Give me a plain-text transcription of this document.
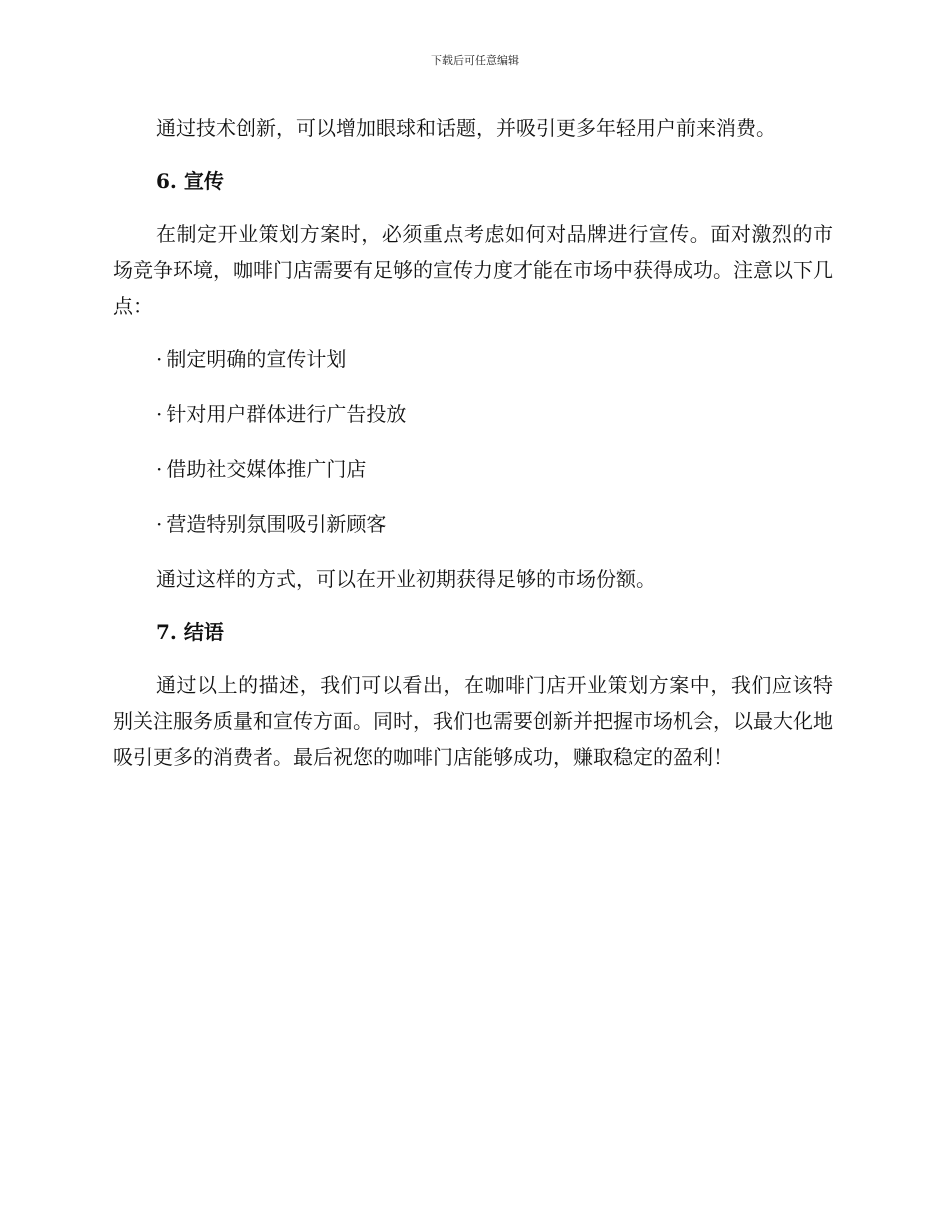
下载后可任意编辑

通过技术创新，可以增加眼球和话题，并吸引更多年轻用户前来消费。

6. 宣传

在制定开业策划方案时，必须重点考虑如何对品牌进行宣传。面对激烈的市场竞争环境，咖啡门店需要有足够的宣传力度才能在市场中获得成功。注意以下几点：

· 制定明确的宣传计划
· 针对用户群体进行广告投放
· 借助社交媒体推广门店
· 营造特别氛围吸引新顾客

通过这样的方式，可以在开业初期获得足够的市场份额。

7. 结语

通过以上的描述，我们可以看出，在咖啡门店开业策划方案中，我们应该特别关注服务质量和宣传方面。同时，我们也需要创新并把握市场机会，以最大化地吸引更多的消费者。最后祝您的咖啡门店能够成功，赚取稳定的盈利！
